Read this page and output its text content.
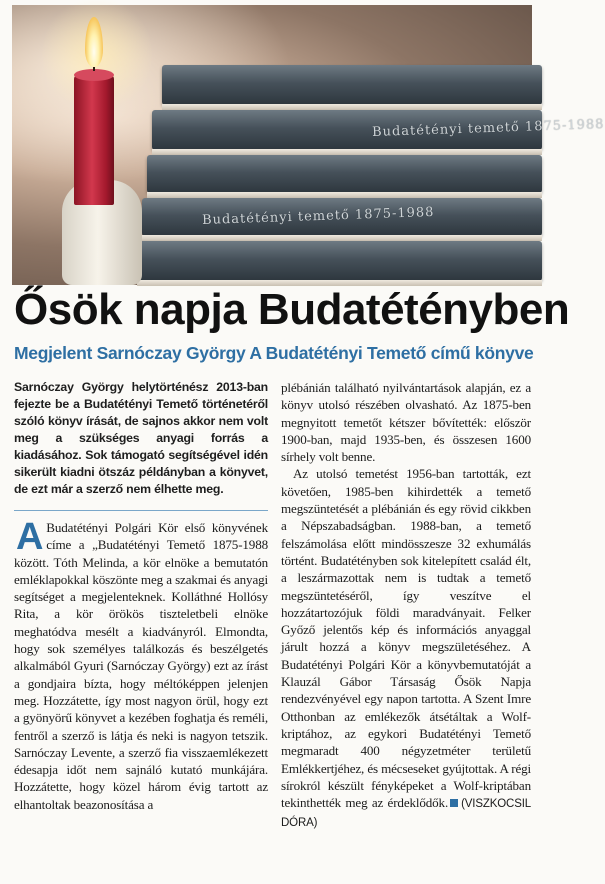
Budatétényi temető 1875-1988
Budatétényi temető 1875-1988
Ősök napja Budatétényben
Megjelent Sarnóczay György A Budatétényi Temető című könyve

Sarnóczay György helytörténész 2013-ban fejezte be a Budatétényi Temető történetéről szóló könyv írását, de sajnos akkor nem volt meg a szükséges anyagi forrás a kiadásához. Sok támogató segítségével idén sikerült kiadni ötszáz példányban a könyvet, de ezt már a szerző nem élhette meg.

A Budatétényi Polgári Kör első könyvének címe a „Budatétényi Temető 1875-1988 között. Tóth Melinda, a kör elnöke a bemutatón emléklapokkal köszönte meg a szakmai és anyagi segítséget a megjelenteknek. Kolláthné Hollósy Rita, a kör örökös tiszteletbeli elnöke meghatódva mesélt a kiadványról. Elmondta, hogy sok személyes találkozás és beszélgetés alkalmából Gyuri (Sarnóczay György) ezt az írást a gondjaira bízta, hogy méltóképpen jelenjen meg. Hozzátette, így most nagyon örül, hogy ezt a gyönyörű könyvet a kezében foghatja és reméli, fentről a szerző is látja és neki is nagyon tetszik. Sarnóczay Levente, a szerző fia visszaemlékezett édesapja időt nem sajnáló kutató munkájára. Hozzátette, hogy közel három évig tartott az elhantoltak beazonosítása a

plébánián található nyilvántartások alapján, ez a könyv utolsó részében olvasható. Az 1875-ben megnyitott temetőt kétszer bővítették: először 1900-ban, majd 1935-ben, és összesen 1600 sírhely volt benne.

Az utolsó temetést 1956-ban tartották, ezt követően, 1985-ben kihirdették a temető megszüntetését a plébánián és egy rövid cikkben a Népszabadságban. 1988-ban, a temető felszámolása előtt mindösszesze 32 exhumálás történt. Budatétényben sok kitelepített család élt, a leszármazottak nem is tudtak a temető megszüntetéséről, így veszítve el hozzátartozójuk földi maradványait. Felker Győző jelentős kép és információs anyaggal járult hozzá a könyv megszületéséhez. A Budatétényi Polgári Kör a könyvbemutatóját a Klauzál Gábor Társaság Ősök Napja rendezvényével egy napon tartotta. A Szent Imre Otthonban az emlékezők átsétáltak a Wolf-kriptához, az egykori Budatétényi Temető megmaradt 400 négyzetméter területű Emlékkertjéhez, és mécseseket gyújtottak. A régi sírokról készült fényképeket a Wolf-kriptában tekinthették meg az érdeklődők. (VISZKOCSIL DÓRA)
